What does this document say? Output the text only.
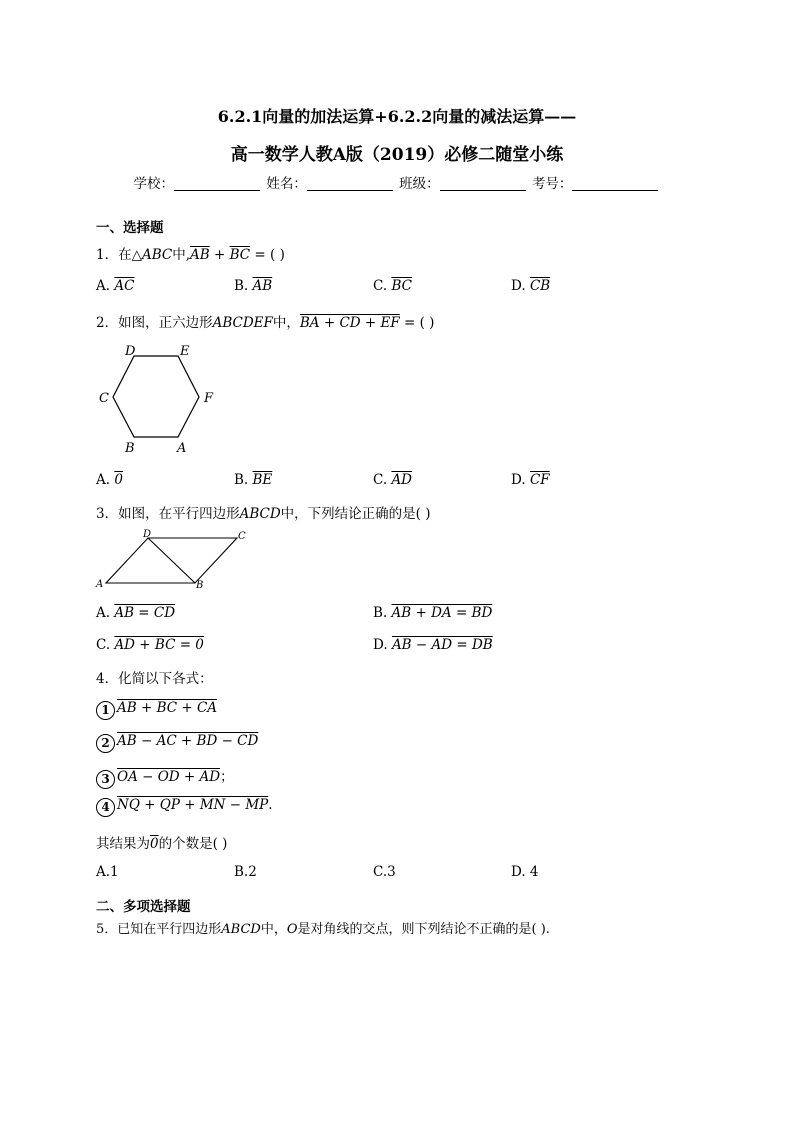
6.2.1向量的加法运算+6.2.2向量的减法运算——
高一数学人教A版（2019）必修二随堂小练
学校：	姓名：	班级：	考号：
一、选择题
1．在△ABC中$,\overline{AB} + \overline{BC}$ = ( )
A. $\overline{AC}$	B. $\overline{AB}$	C. $\overline{BC}$	D. $\overline{CB}$
2．如图，正六边形ABCDEF中，BA + CD + EF = ( )
D	E
C	F
B	A
A. 0	B. $\overline{BE}$	C. $\overline{AD}$	D. $\overline{CF}$
3．如图，在平行四边形ABCD中，下列结论正确的是( )
D	C
A	B
A. AB = CD	B. AB + DA = BD
C. AD + BC = 0	D. AB − AD = DB
4．化简以下各式：
1 AB + BC + CA
2 AB − AC + BD − CD
3 OA − OD + AD；
4 NQ + QP + MN − MP.
其结果为0的个数是( )
A.1	B.2	C.3	D. 4
二、多项选择题
5．已知在平行四边形ABCD中，O是对角线的交点，则下列结论不正确的是( ).
